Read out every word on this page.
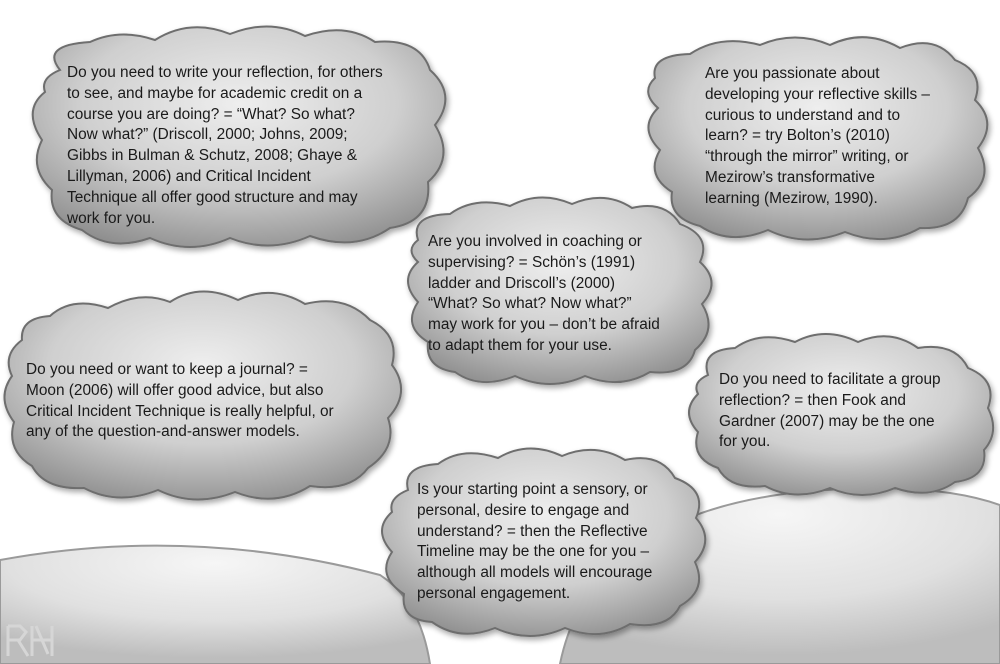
Do you need to write your reflection, for others
to see, and maybe for academic credit on a
course you are doing? = “What? So what?
Now what?” (Driscoll, 2000; Johns, 2009;
Gibbs in Bulman & Schutz, 2008; Ghaye &
Lillyman, 2006) and Critical Incident
Technique all offer good structure and may
work for you.

Are you passionate about
developing your reflective skills –
curious to understand and to
learn? = try Bolton’s (2010)
“through the mirror” writing, or
Mezirow’s transformative
learning (Mezirow, 1990).

Are you involved in coaching or
supervising? = Schön’s (1991)
ladder and Driscoll’s (2000)
“What? So what? Now what?”
may work for you – don’t be afraid
to adapt them for your use.

Do you need or want to keep a journal? =
Moon (2006) will offer good advice, but also
Critical Incident Technique is really helpful, or
any of the question-and-answer models.

Do you need to facilitate a group
reflection? = then Fook and
Gardner (2007) may be the one
for you.

Is your starting point a sensory, or
personal, desire to engage and
understand? = then the Reflective
Timeline may be the one for you –
although all models will encourage
personal engagement.
